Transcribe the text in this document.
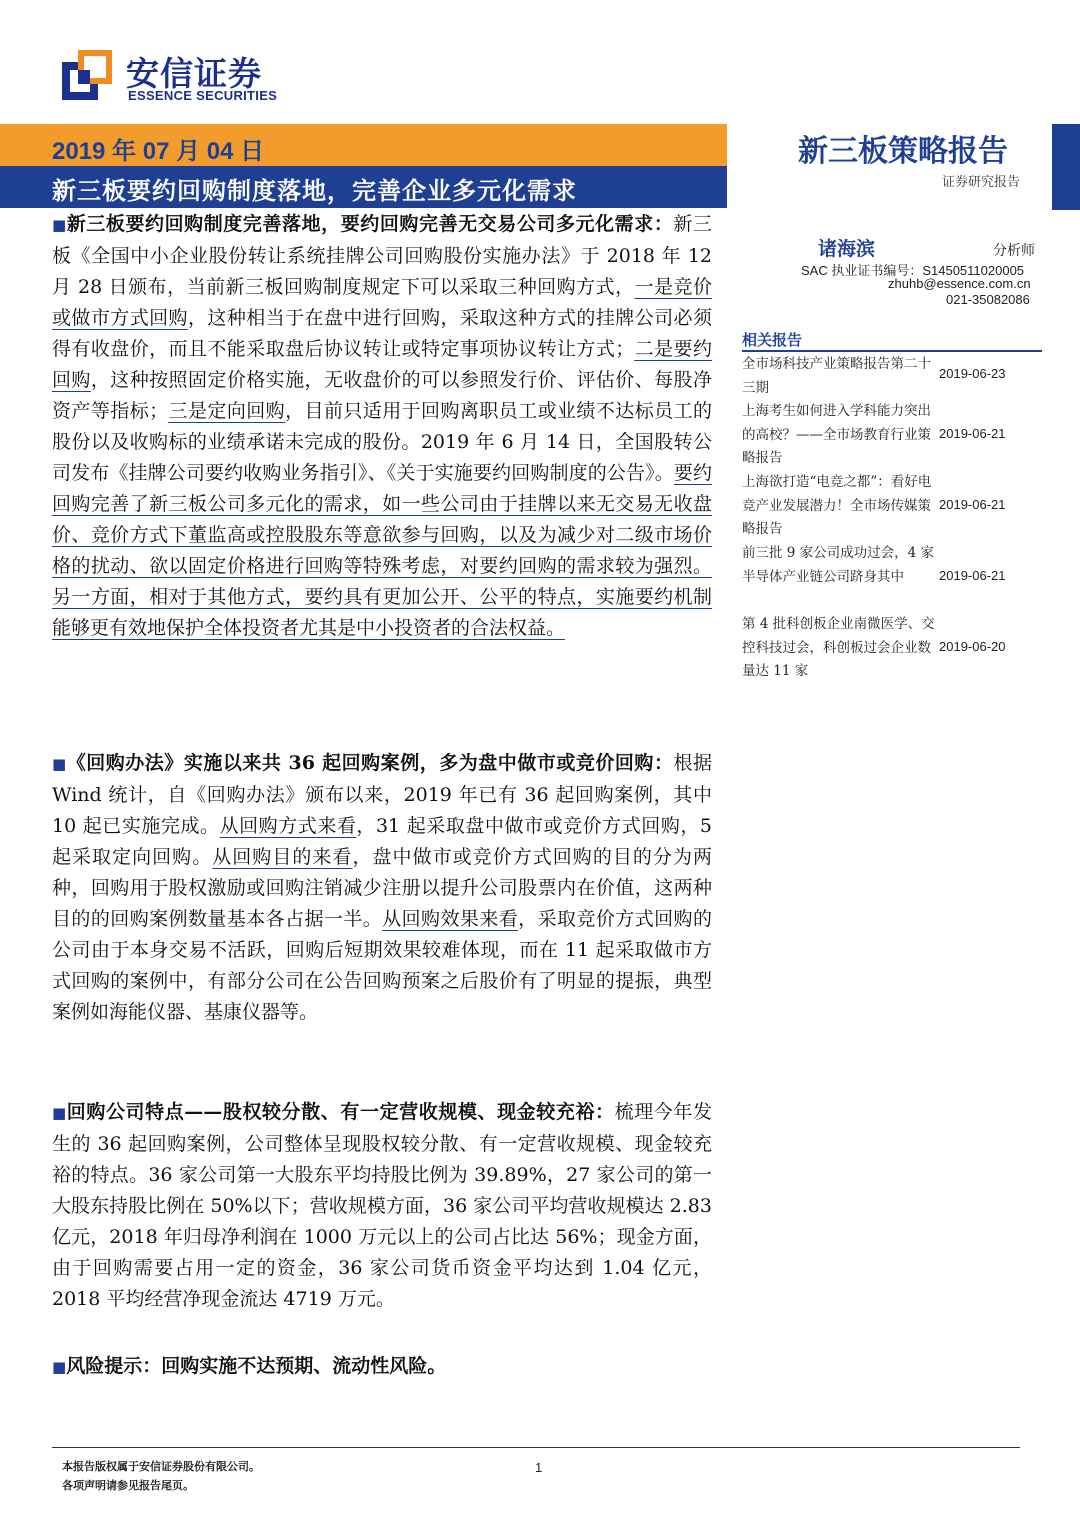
安信证券
ESSENCE SECURITIES
2019 年 07 月 04 日
新三板要约回购制度落地，完善企业多元化需求
新三板策略报告
证券研究报告
诸海滨	分析师
SAC 执业证书编号：S1450511020005
zhuhb@essence.com.cn
021-35082086
相关报告
全市场科技产业策略报告第二十三期
2019-06-23
上海考生如何进入学科能力突出的高校？——全市场教育行业策略报告
2019-06-21
上海欲打造“电竞之都”：看好电竞产业发展潜力！全市场传媒策略报告
2019-06-21
前三批 9 家公司成功过会，4 家半导体产业链公司跻身其中	2019-06-21
第 4 批科创板企业南微医学、交控科技过会，科创板过会企业数量达 11 家
2019-06-20
■新三板要约回购制度完善落地，要约回购完善无交易公司多元化需求：新三板《全国中小企业股份转让系统挂牌公司回购股份实施办法》于 2018 年 12 月 28 日颁布，当前新三板回购制度规定下可以采取三种回购方式，一是竞价或做市方式回购，这种相当于在盘中进行回购，采取这种方式的挂牌公司必须得有收盘价，而且不能采取盘后协议转让或特定事项协议转让方式；二是要约回购，这种按照固定价格实施，无收盘价的可以参照发行价、评估价、每股净资产等指标；三是定向回购，目前只适用于回购离职员工或业绩不达标员工的股份以及收购标的业绩承诺未完成的股份。2019 年 6 月 14 日，全国股转公司发布《挂牌公司要约收购业务指引》、《关于实施要约回购制度的公告》。要约回购完善了新三板公司多元化的需求，如一些公司由于挂牌以来无交易无收盘价、竞价方式下董监高或控股股东等意欲参与回购，以及为减少对二级市场价格的扰动、欲以固定价格进行回购等特殊考虑，对要约回购的需求较为强烈。另一方面，相对于其他方式，要约具有更加公开、公平的特点，实施要约机制能够更有效地保护全体投资者尤其是中小投资者的合法权益。
■《回购办法》实施以来共 36 起回购案例，多为盘中做市或竞价回购：根据 Wind 统计，自《回购办法》颁布以来，2019 年已有 36 起回购案例，其中 10 起已实施完成。从回购方式来看，31 起采取盘中做市或竞价方式回购，5 起采取定向回购。从回购目的来看，盘中做市或竞价方式回购的目的分为两种，回购用于股权激励或回购注销减少注册以提升公司股票内在价值，这两种目的的回购案例数量基本各占据一半。从回购效果来看，采取竞价方式回购的公司由于本身交易不活跃，回购后短期效果较难体现，而在 11 起采取做市方式回购的案例中，有部分公司在公告回购预案之后股价有了明显的提振，典型案例如海能仪器、基康仪器等。
■回购公司特点——股权较分散、有一定营收规模、现金较充裕：梳理今年发生的 36 起回购案例，公司整体呈现股权较分散、有一定营收规模、现金较充裕的特点。36 家公司第一大股东平均持股比例为 39.89%，27 家公司的第一大股东持股比例在 50%以下；营收规模方面，36 家公司平均营收规模达 2.83 亿元，2018 年归母净利润在 1000 万元以上的公司占比达 56%；现金方面，由于回购需要占用一定的资金，36 家公司货币资金平均达到 1.04 亿元，2018 平均经营净现金流达 4719 万元。
■风险提示：回购实施不达预期、流动性风险。
本报告版权属于安信证券股份有限公司。
各项声明请参见报告尾页。
1
